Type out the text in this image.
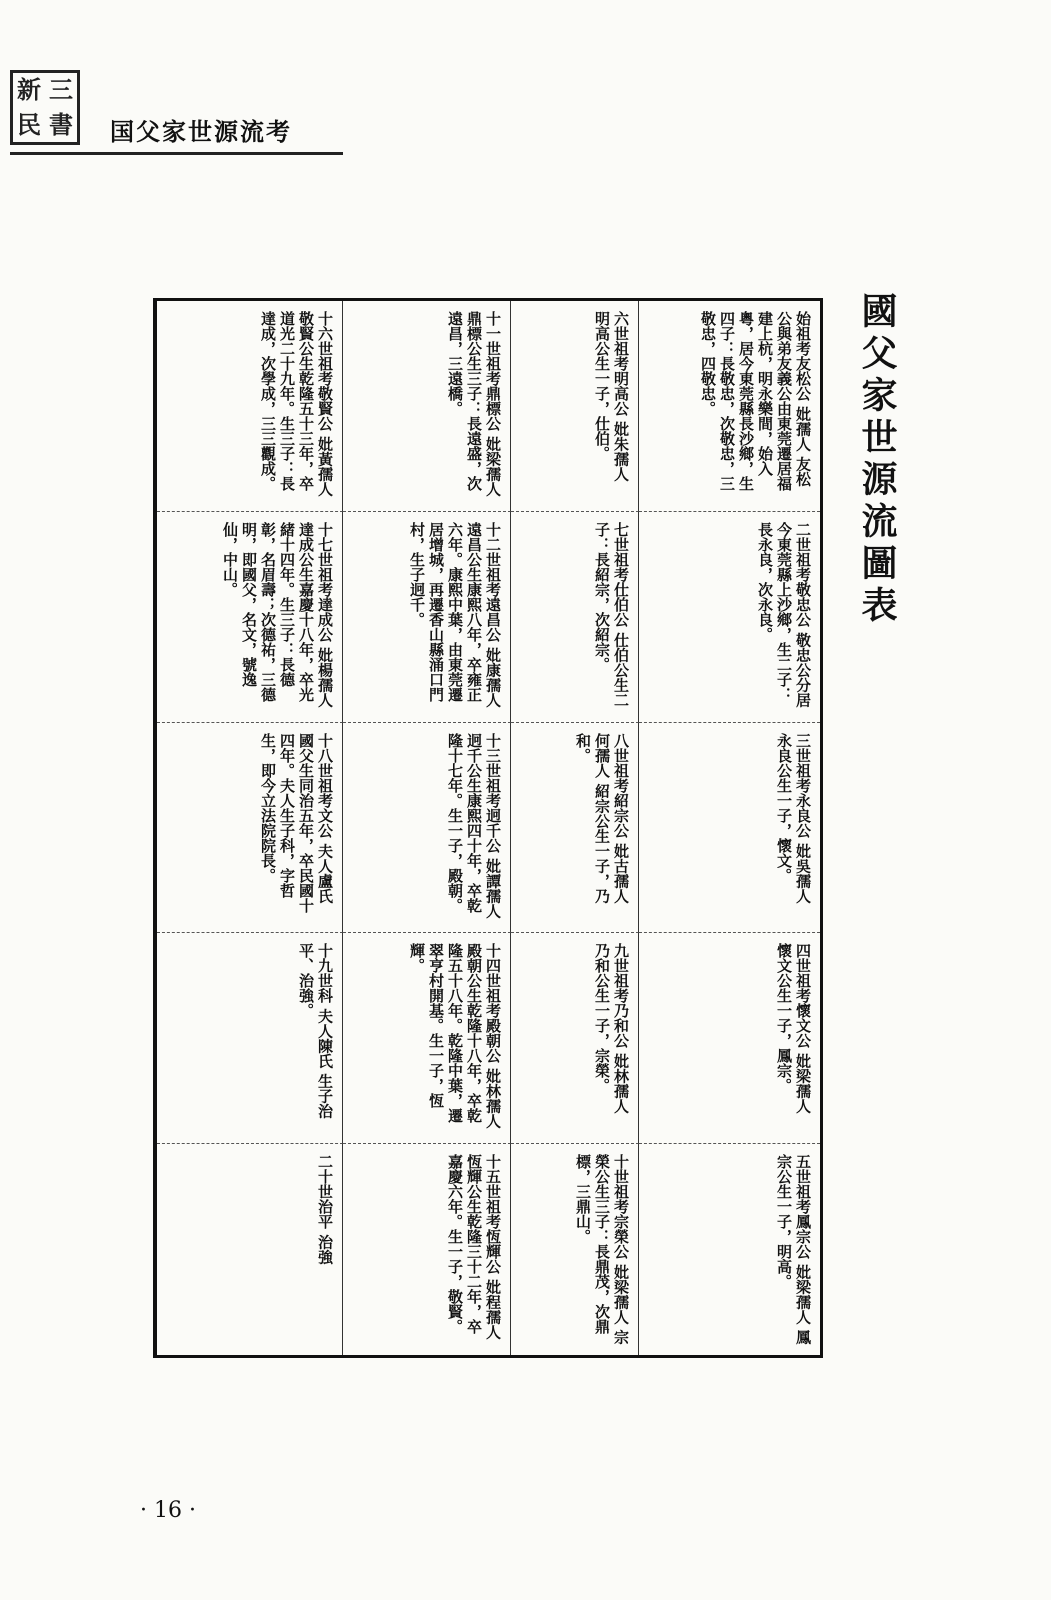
新 三
民 書 国父家世源流考
國父家世源流圖表
十六世祖考敬賢公 妣黃孺人 敬賢公生乾隆五十三年，卒道光二十九年。生三子：長達成，次學成，三三觀成。	十一世祖考鼎標公 妣梁孺人 鼎標公生三子：長遠盛，次遠昌，三遠橋。	六世祖考明高公 妣朱孺人 明高公生一子，仕伯。	始祖考友松公 妣孺人 友松公與弟友義公由東莞遷居福建上杭，明永樂間，始入粵，居今東莞縣長沙鄉，生四子：長敬忠，次敬忠，三敬忠，四敬忠。
十七世祖考達成公 妣楊孺人 達成公生嘉慶十八年，卒光緒十四年。生三子：長德彰，名眉壽；次德祐，三德明，即國父，名文，號逸仙，中山。	十二世祖考遠昌公 妣康孺人 遠昌公生康熙八年，卒雍正六年。康熙中葉，由東莞遷居增城，再遷香山縣涌口門村，生子迥千。	七世祖考仕伯公 仕伯公生二子：長紹宗，次紹宗。	二世祖考敬忠公 敬忠公分居今東莞縣上沙鄉，生二子：長永良，次永良。
十八世祖考文公 夫人盧氏 國父生同治五年，卒民國十四年。夫人生子科，字哲生，即今立法院院長。	十三世祖考迥千公 妣譚孺人 迥千公生康熙四十年，卒乾隆十七年。生一子，殿朝。	八世祖考紹宗公 妣古孺人 何孺人 紹宗公生一子，乃和。	三世祖考永良公 妣吳孺人 永良公生一子，懷文。
十九世科 夫人陳氏 生子治平、治強。	十四世祖考殿朝公 妣林孺人 殿朝公生乾隆十八年，卒乾隆五十八年。乾隆中葉，遷翠亨村開基。生一子，恆輝。	九世祖考乃和公 妣林孺人 乃和公生一子，宗榮。	四世祖考懷文公 妣梁孺人 懷文公生一子，鳳宗。
二十世治平 治強	十五世祖考恆輝公 妣程孺人 恆輝公生乾隆三十二年，卒嘉慶六年。生一子，敬賢。	十世祖考宗榮公 妣梁孺人 宗榮公生三子：長鼎茂，次鼎標，三鼎山。	五世祖考鳳宗公 妣梁孺人 鳳宗公生一子，明高。
· 16 ·
